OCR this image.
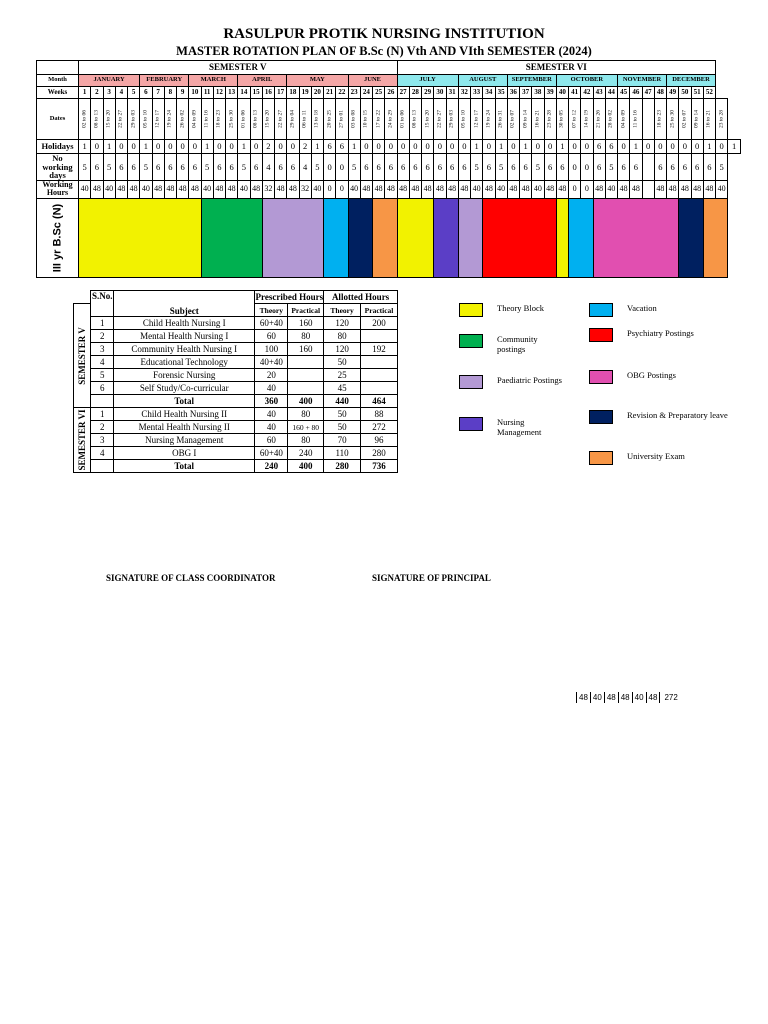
RASULPUR PROTIK NURSING INSTITUTION
MASTER ROTATION PLAN OF B.Sc (N) Vth AND VIth SEMESTER (2024)
	SEMESTER V																										SEMESTER VI																											
Month	JANUARY					FEBRUARY				MARCH				APRIL				MAY					JUNE				JULY					AUGUST				SEPTEMBER				OCTOBER					NOVEMBER				DECEMBER					
Weeks	1	2	3	4	5	6	7	8	9	10	11	12	13	14	15	16	17	18	19	20	21	22	23	24	25	26	27	28	29	30	31	32	33	34	35	36	37	38	39	40	41	42	43	44	45	46	47	48	49	50	51	52		
Dates	02 to 06	08 to 13	15 to 20	22 to 27	29 to 03	05 to 10	12 to 17	19 to 24	26 to 02	04 to 09	11 to 16	18 to 23	25 to 30	01 to 06	08 to 13	15 to 20	22 to 27	29 to 04	06 to 11	13 to 18	20 to 25	27 to 01	03 to 08	10 to 15	17 to 22	24 to 29	01 to 06	08 to 13	15 to 20	22 to 27	29 to 03	05 to 10	12 to 17	19 to 24	26 to 31	02 to 07	09 to 14	16 to 21	23 to 28	30 to 05	07 to 12	14 to 19	21 to 26	28 to 02	04 to 09	11 to 16		18 to 23	25 to 30	02 to 07	09 to 14	16 to 21	23 to 28	

Holidays	1	0	1	0	0	1	0	0	0	0	1	0	0	1	0	2	0	0	2	1	6	6	1	0	0	0	0	0	0	0	0	0	1	0	1	0	1	0	0	1	0	0	6	6	0	1	0	0	0	0	0	1	0	1
No working days	5	6	5	6	6	5	6	6	6	6	5	6	6	5	6	4	6	6	4	5	0	0	5	6	6	6	6	6	6	6	6	6	5	6	5	6	6	5	6	6	0	0	6	5	6	6		6	6	6	6	6	5	
Working Hours	40	48	40	48	48	40	48	48	48	48	40	48	48	40	48	32	48	48	32	40	0	0	40	48	48	48	48	48	48	48	48	48	40	48	40	48	48	40	48	48	0	0	48	40	48	48		48	48	48	48	48	40	

III yr B.Sc (N)																																																						

	S.No.	Subject	Prescribed Hours		Allotted Hours	

SEMESTER V			Theory	Practical	Theory	Practical
	1	Child Health Nursing I	60+40	160	120	200
	2	Mental Health Nursing I	60	80	80	
	3	Community Health Nursing I	100	160	120	192
	4	Educational Technology	40+40		50	
	5	Forensic Nursing	20		25	
	6	Self Study/Co-curricular	40		45	
		Total	360	400	440	464

SEMESTER VI	1	Child Health Nursing II	40	80	50	88
	2	Mental Health Nursing II	40	160 + 80	50	272
	3	Nursing Management	60	80	70	96
	4	OBG I	60+40	240	110	280
		Total	240	400	280	736
Theory Block
Community postings
Paediatric Postings
Nursing Management
Vacation
Psychiatry Postings
OBG Postings
Revision & Preparatory leave
University Exam
SIGNATURE OF CLASS COORDINATOR	SIGNATURE OF PRINCIPAL
48 40 48 48 40 48 272
